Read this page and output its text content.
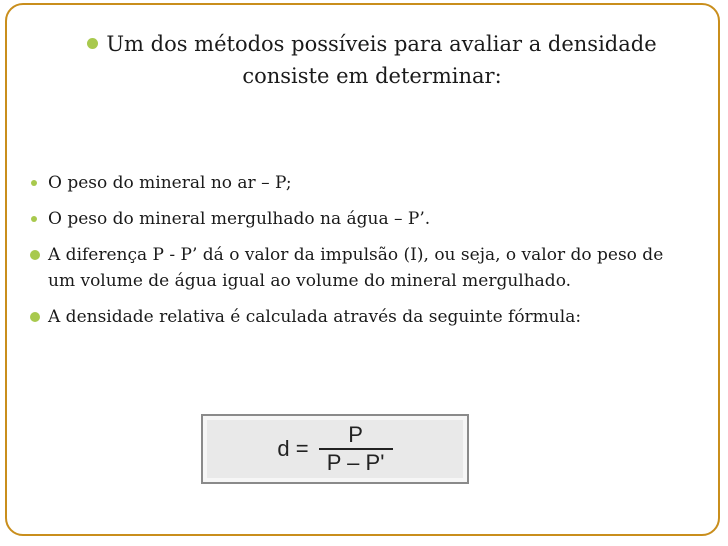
Um dos métodos possíveis para avaliar a densidade
consiste em determinar:
O peso do mineral no ar – P;
O peso do mineral mergulhado na água – P’.
A diferença P - P’ dá o valor da impulsão (I), ou seja, o valor do peso de um volume de água igual ao volume do mineral mergulhado.
A densidade relativa é calculada através da seguinte fórmula:
$d = \frac{P}{P - P'}$
